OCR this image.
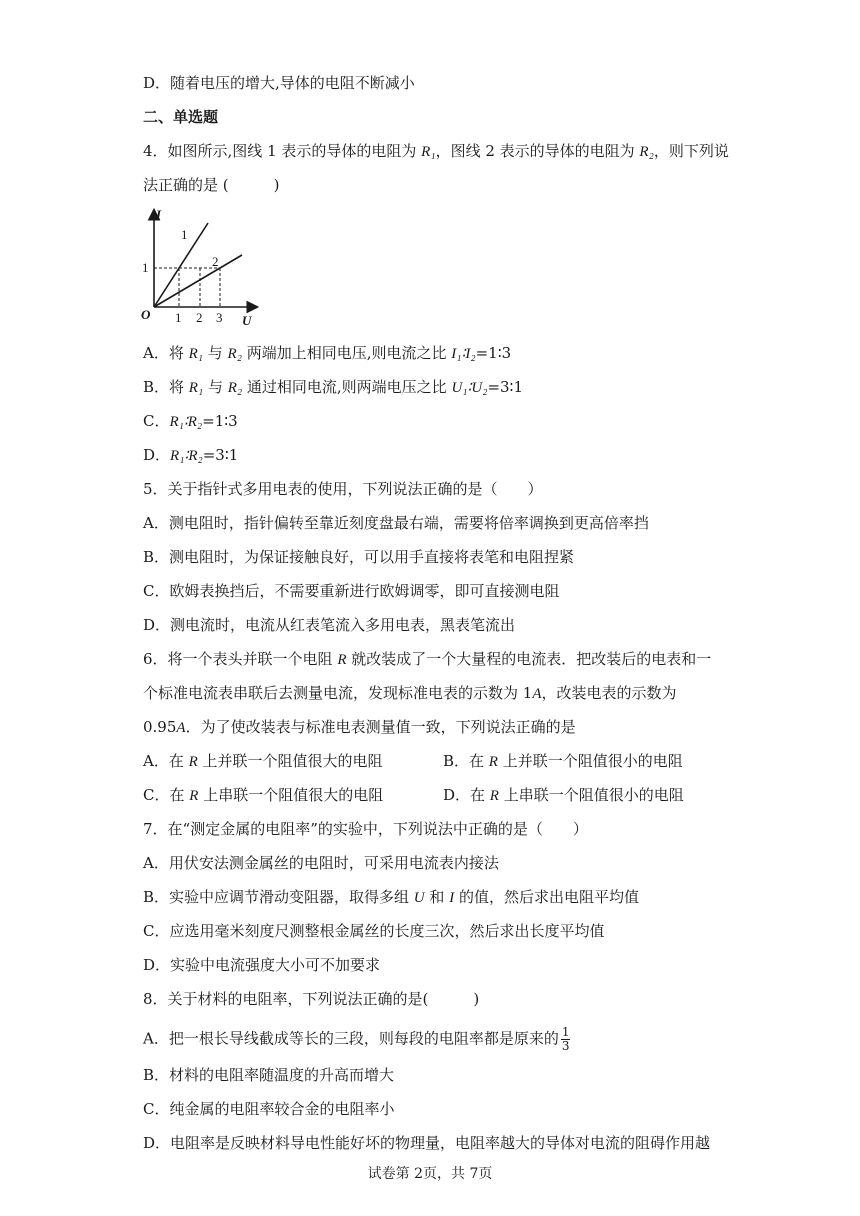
D．随着电压的增大,导体的电阻不断减小
二、单选题
4．如图所示,图线 1 表示的导体的电阻为 R₁，图线 2 表示的导体的电阻为 R₂，则下列说
法正确的是 (　　　)
I
U
O
1
1 2 3
1
2
A．将 R₁ 与 R₂ 两端加上相同电压,则电流之比 I₁∶I₂=1∶3
B．将 R₁ 与 R₂ 通过相同电流,则两端电压之比 U₁∶U₂=3∶1
C．R₁∶R₂=1∶3
D．R₁∶R₂=3∶1
5．关于指针式多用电表的使用，下列说法正确的是（　　）
A．测电阻时，指针偏转至靠近刻度盘最右端，需要将倍率调换到更高倍率挡
B．测电阻时，为保证接触良好，可以用手直接将表笔和电阻捏紧
C．欧姆表换挡后，不需要重新进行欧姆调零，即可直接测电阻
D．测电流时，电流从红表笔流入多用电表，黑表笔流出
6．将一个表头并联一个电阻 R 就改装成了一个大量程的电流表．把改装后的电表和一
个标准电流表串联后去测量电流，发现标准电表的示数为 1A，改装电表的示数为
0.95A．为了使改装表与标准电表测量值一致，下列说法正确的是
A．在 R 上并联一个阻值很大的电阻	B．在 R 上并联一个阻值很小的电阻
C．在 R 上串联一个阻值很大的电阻	D．在 R 上串联一个阻值很小的电阻
7．在“测定金属的电阻率”的实验中，下列说法中正确的是（　　）
A．用伏安法测金属丝的电阻时，可采用电流表内接法
B．实验中应调节滑动变阻器，取得多组 U 和 I 的值，然后求出电阻平均值
C．应选用毫米刻度尺测整根金属丝的长度三次，然后求出长度平均值
D．实验中电流强度大小可不加要求
8．关于材料的电阻率，下列说法正确的是(　　　)
A．把一根长导线截成等长的三段，则每段的电阻率都是原来的 $\frac{1}{3}$
B．材料的电阻率随温度的升高而增大
C．纯金属的电阻率较合金的电阻率小
D．电阻率是反映材料导电性能好坏的物理量，电阻率越大的导体对电流的阻碍作用越
试卷第 2页，共 7页
